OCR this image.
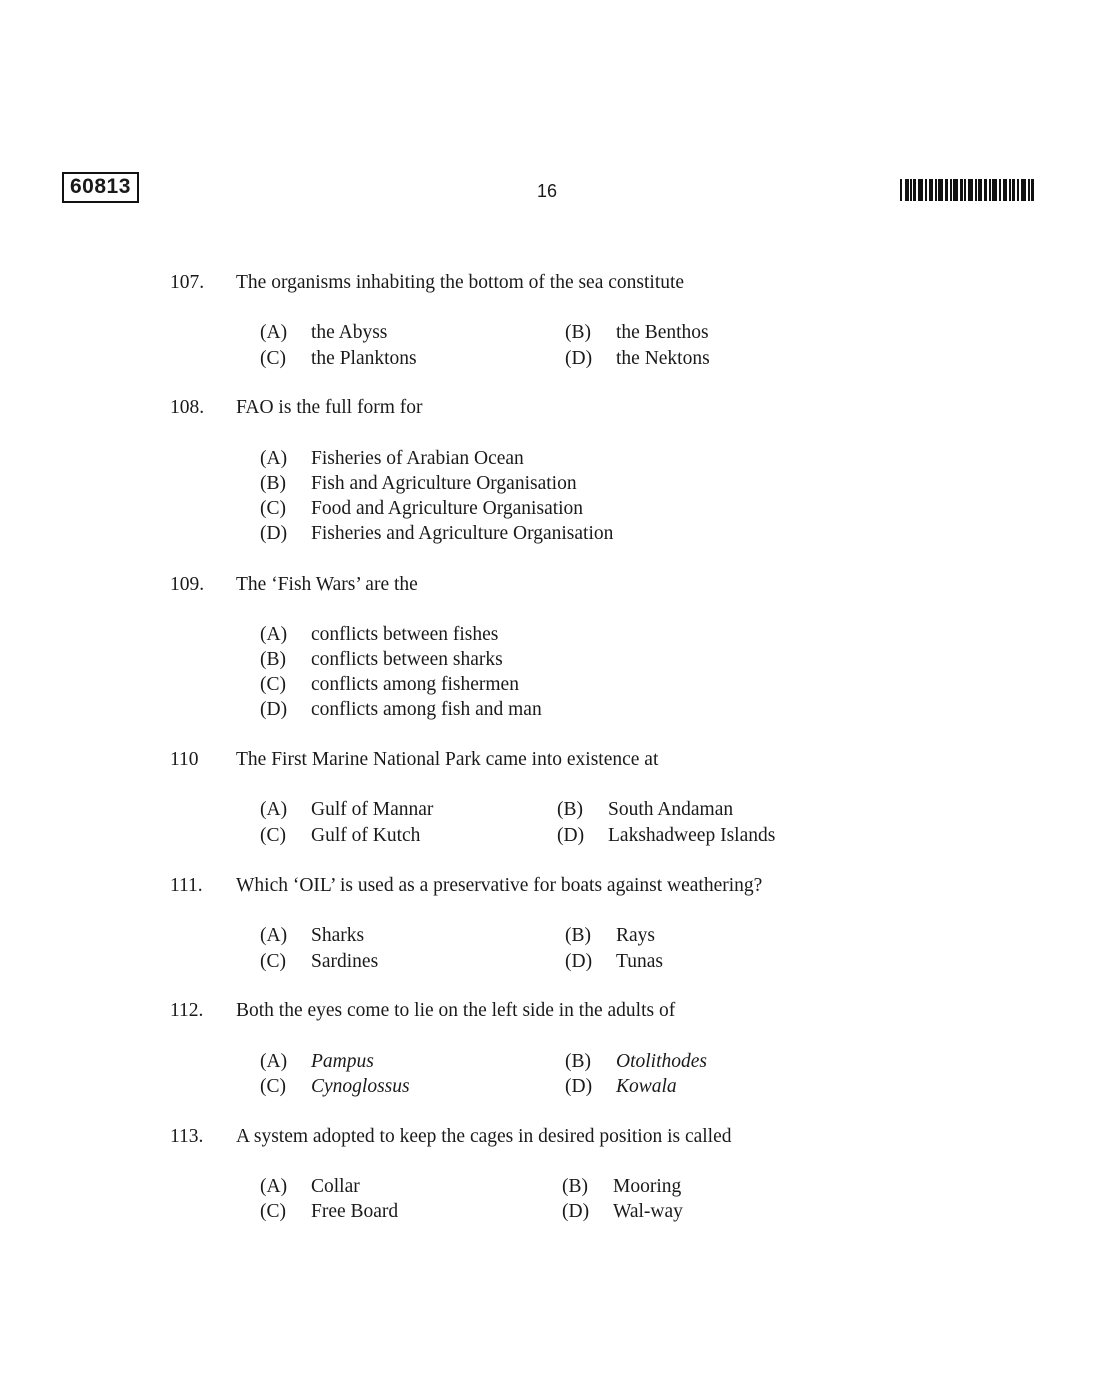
60813	16
107. The organisms inhabiting the bottom of the sea constitute
(A) the Abyss	(B) the Benthos
(C) the Planktons	(D) the Nektons
108. FAO is the full form for
(A) Fisheries of Arabian Ocean
(B) Fish and Agriculture Organisation
(C) Food and Agriculture Organisation
(D) Fisheries and Agriculture Organisation
109. The ‘Fish Wars’ are the
(A) conflicts between fishes
(B) conflicts between sharks
(C) conflicts among fishermen
(D) conflicts among fish and man
110 The First Marine National Park came into existence at
(A) Gulf of Mannar	(B) South Andaman
(C) Gulf of Kutch	(D) Lakshadweep Islands
111. Which ‘OIL’ is used as a preservative for boats against weathering?
(A) Sharks	(B) Rays
(C) Sardines	(D) Tunas
112. Both the eyes come to lie on the left side in the adults of
(A) Pampus	(B) Otolithodes
(C) Cynoglossus	(D) Kowala
113. A system adopted to keep the cages in desired position is called
(A) Collar	(B) Mooring
(C) Free Board	(D) Wal-way
